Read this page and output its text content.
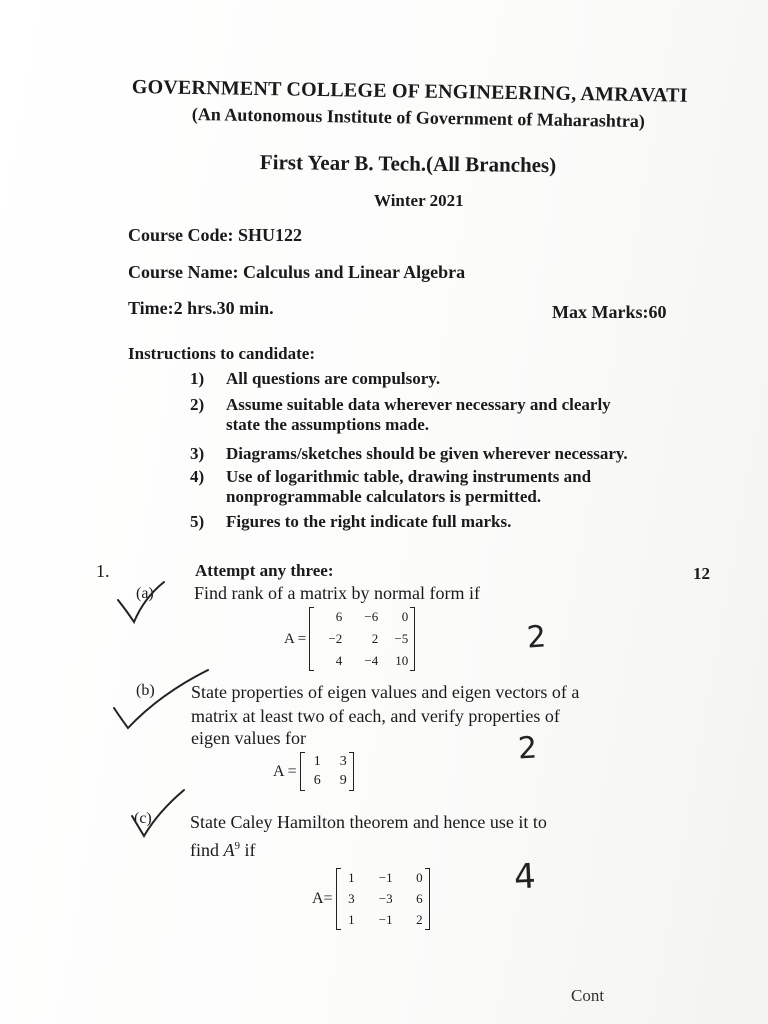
GOVERNMENT COLLEGE OF ENGINEERING, AMRAVATI
(An Autonomous Institute of Government of Maharashtra)
First Year B. Tech.(All Branches)
Winter 2021
Course Code: SHU122
Course Name: Calculus and Linear Algebra
Time:2 hrs.30 min.	Max Marks:60
Instructions to candidate:
1) All questions are compulsory.
2) Assume suitable data wherever necessary and clearly
state the assumptions made.
3) Diagrams/sketches should be given wherever necessary.
4) Use of logarithmic table, drawing instruments and
nonprogrammable calculators is permitted.
5) Figures to the right indicate full marks.
1.	Attempt any three:	12
(a) Find rank of a matrix by normal form if
A =
6	−6	0
−2	2	−5
4	−4	10
2
(b) State properties of eigen values and eigen vectors of a
matrix at least two of each, and verify properties of
eigen values for
A =
1	3
6	9
2
(c) State Caley Hamilton theorem and hence use it to
find $A^9$ if
A=
1	−1	0
3	−3	6
1	−1	2
4
Cont
